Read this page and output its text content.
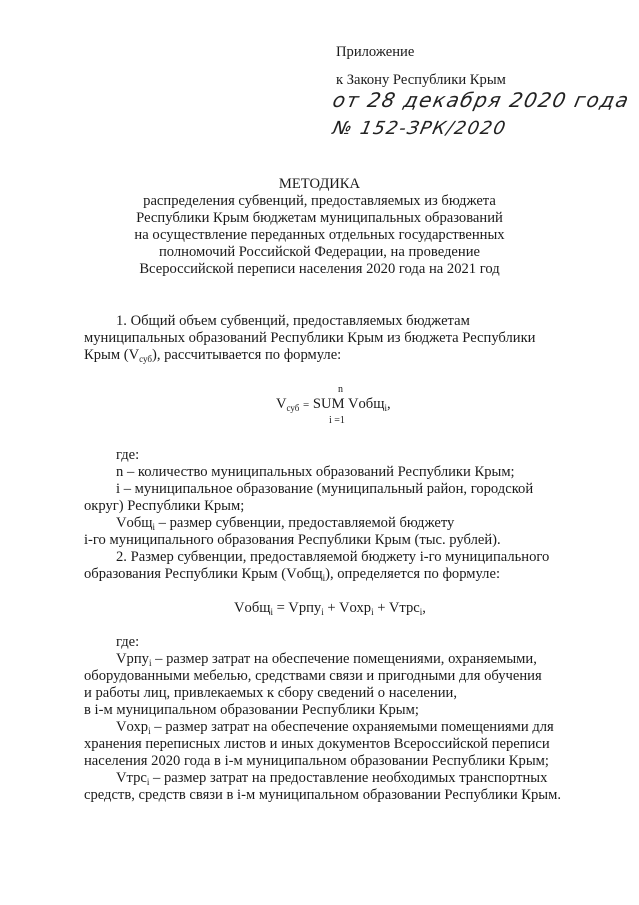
Приложение
к Закону Республики Крым
от 28 декабря 2020 года
№ 152-ЗРК/2020
МЕТОДИКА
распределения субвенций, предоставляемых из бюджета
Республики Крым бюджетам муниципальных образований
на осуществление переданных отдельных государственных
полномочий Российской Федерации, на проведение
Всероссийской переписи населения 2020 года на 2021 год
1. Общий объем субвенций, предоставляемых бюджетам
муниципальных образований Республики Крым из бюджета Республики
Крым $(V_{суб})$, рассчитывается по формуле:
n
$V_{суб}$ = SUM Vобщ$_i$,
i =1
где:
n – количество муниципальных образований Республики Крым;
i – муниципальное образование (муниципальный район, городской
округ) Республики Крым;
Vобщ$_i$ – размер субвенции, предоставляемой бюджету
i-го муниципального образования Республики Крым (тыс. рублей).
2. Размер субвенции, предоставляемой бюджету i-го муниципального
образования Республики Крым (Vобщ$_i$), определяется по формуле:
Vобщ$_i$ = Vрпу$_i$ + Vохр$_i$ + Vтрс$_i$,
где:
Vрпу$_i$ – размер затрат на обеспечение помещениями, охраняемыми,
оборудованными мебелью, средствами связи и пригодными для обучения
и работы лиц, привлекаемых к сбору сведений о населении,
в i-м муниципальном образовании Республики Крым;
Vохр$_i$ – размер затрат на обеспечение охраняемыми помещениями для
хранения переписных листов и иных документов Всероссийской переписи
населения 2020 года в i-м муниципальном образовании Республики Крым;
Vтрс$_i$ – размер затрат на предоставление необходимых транспортных
средств, средств связи в i-м муниципальном образовании Республики Крым.
